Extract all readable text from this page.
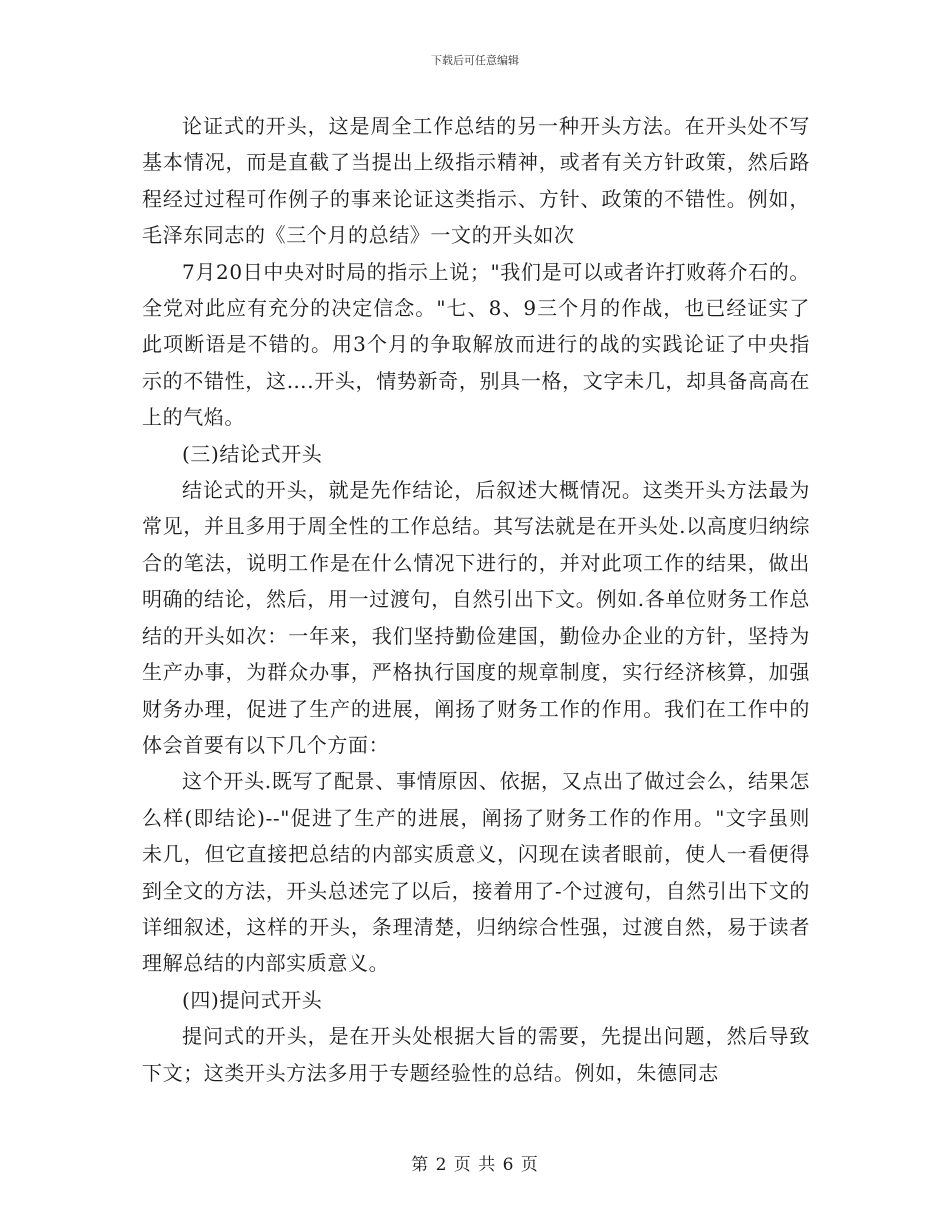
下载后可任意编辑

论证式的开头，这是周全工作总结的另一种开头方法。在开头处不写基本情况，而是直截了当提出上级指示精神，或者有关方针政策，然后路程经过过程可作例子的事来论证这类指示、方针、政策的不错性。例如，毛泽东同志的《三个月的总结》一文的开头如次

7月20日中央对时局的指示上说；"我们是可以或者许打败蒋介石的。全党对此应有充分的决定信念。"七、8、9三个月的作战，也已经证实了此项断语是不错的。用3个月的争取解放而进行的战的实践论证了中央指示的不错性，这….开头，情势新奇，别具一格，文字未几，却具备高高在上的气焰。

(三)结论式开头

结论式的开头，就是先作结论，后叙述大概情况。这类开头方法最为常见，并且多用于周全性的工作总结。其写法就是在开头处.以高度归纳综合的笔法，说明工作是在什么情况下进行的，并对此项工作的结果，做出明确的结论，然后，用一过渡句，自然引出下文。例如.各单位财务工作总结的开头如次：一年来，我们坚持勤俭建国，勤俭办企业的方针，坚持为生产办事，为群众办事，严格执行国度的规章制度，实行经济核算，加强财务办理，促进了生产的进展，阐扬了财务工作的作用。我们在工作中的体会首要有以下几个方面：

这个开头.既写了配景、事情原因、依据，又点出了做过会么，结果怎么样(即结论)--"促进了生产的进展，阐扬了财务工作的作用。"文字虽则未几，但它直接把总结的内部实质意义，闪现在读者眼前，使人一看便得到全文的方法，开头总述完了以后，接着用了-个过渡句，自然引出下文的详细叙述，这样的开头，条理清楚，归纳综合性强，过渡自然，易于读者理解总结的内部实质意义。

(四)提问式开头

提问式的开头，是在开头处根据大旨的需要，先提出问题，然后导致下文；这类开头方法多用于专题经验性的总结。例如，朱德同志

第 2 页 共 6 页
